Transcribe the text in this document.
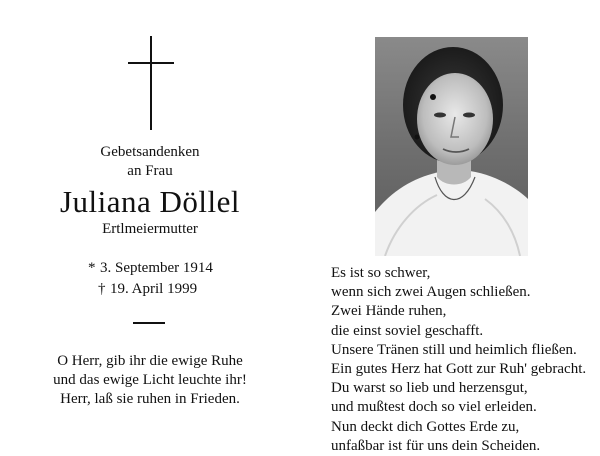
Gebetsandenken
an Frau
Juliana Döllel
Ertlmeiermutter
* 3. September 1914
† 19. April 1999
O Herr, gib ihr die ewige Ruhe
und das ewige Licht leuchte ihr!
Herr, laß sie ruhen in Frieden.
Es ist so schwer,
wenn sich zwei Augen schließen.
Zwei Hände ruhen,
die einst soviel geschafft.
Unsere Tränen still und heimlich fließen.
Ein gutes Herz hat Gott zur Ruh' gebracht.
Du warst so lieb und herzensgut,
und mußtest doch so viel erleiden.
Nun deckt dich Gottes Erde zu,
unfaßbar ist für uns dein Scheiden.
